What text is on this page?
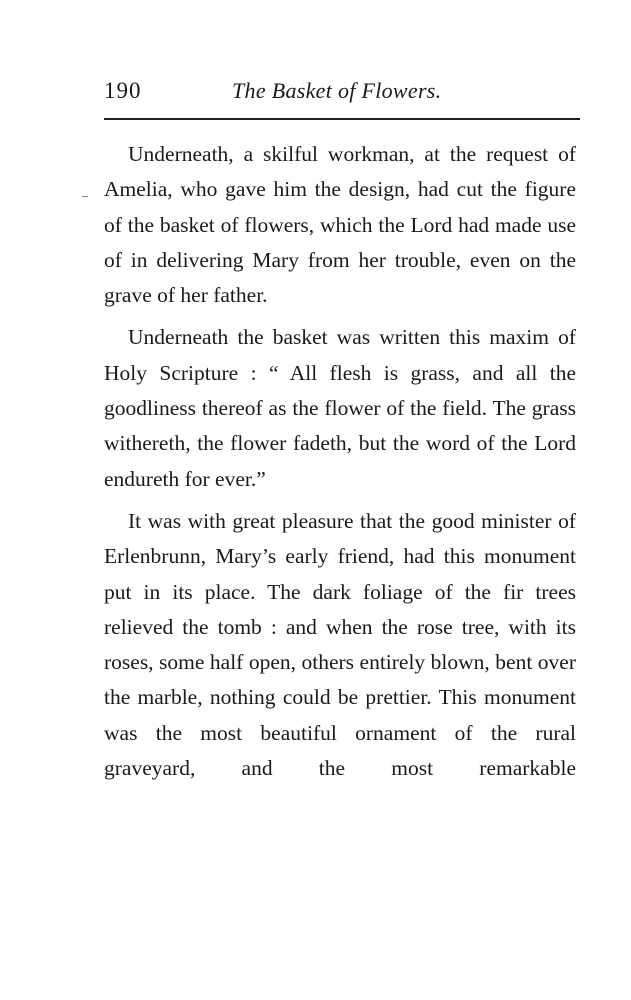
190	The Basket of Flowers.

Underneath, a skilful workman, at the request of Amelia, who gave him the design, had cut the figure of the basket of flowers, which the Lord had made use of in delivering Mary from her trouble, even on the grave of her father.

Underneath the basket was written this maxim of Holy Scripture : “ All flesh is grass, and all the goodliness thereof as the flower of the field. The grass withereth, the flower fadeth, but the word of the Lord endureth for ever.”

It was with great pleasure that the good minister of Erlenbrunn, Mary’s early friend, had this monument put in its place. The dark foliage of the fir trees relieved the tomb : and when the rose tree, with its roses, some half open, others entirely blown, bent over the marble, nothing could be prettier. This monument was the most beautiful ornament of the rural graveyard, and the most remarkable
